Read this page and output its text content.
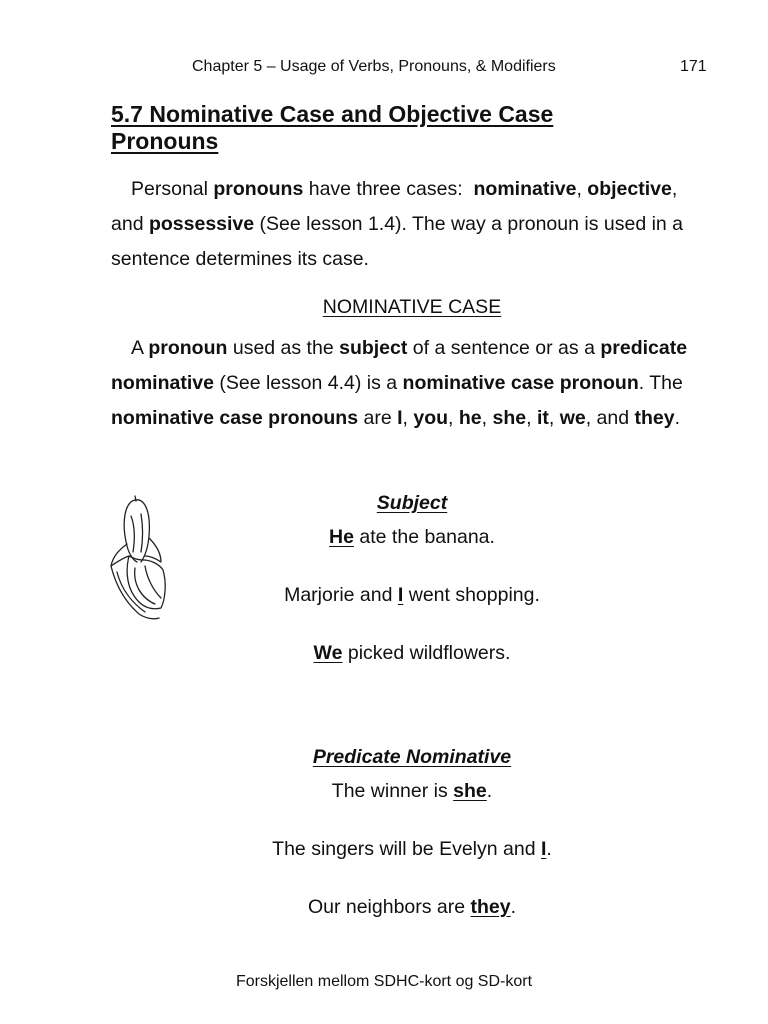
Chapter 5 – Usage of Verbs, Pronouns, & Modifiers	171
5.7 Nominative Case and Objective Case
Pronouns
Personal pronouns have three cases: nominative, objective, and possessive (See lesson 1.4). The way a pronoun is used in a sentence determines its case.
NOMINATIVE CASE
A pronoun used as the subject of a sentence or as a predicate nominative (See lesson 4.4) is a nominative case pronoun. The nominative case pronouns are I, you, he, she, it, we, and they.
Subject
He ate the banana.
Marjorie and I went shopping.
We picked wildflowers.
Predicate Nominative
The winner is she.
The singers will be Evelyn and I.
Our neighbors are they.
Forskjellen mellom SDHC-kort og SD-kort
